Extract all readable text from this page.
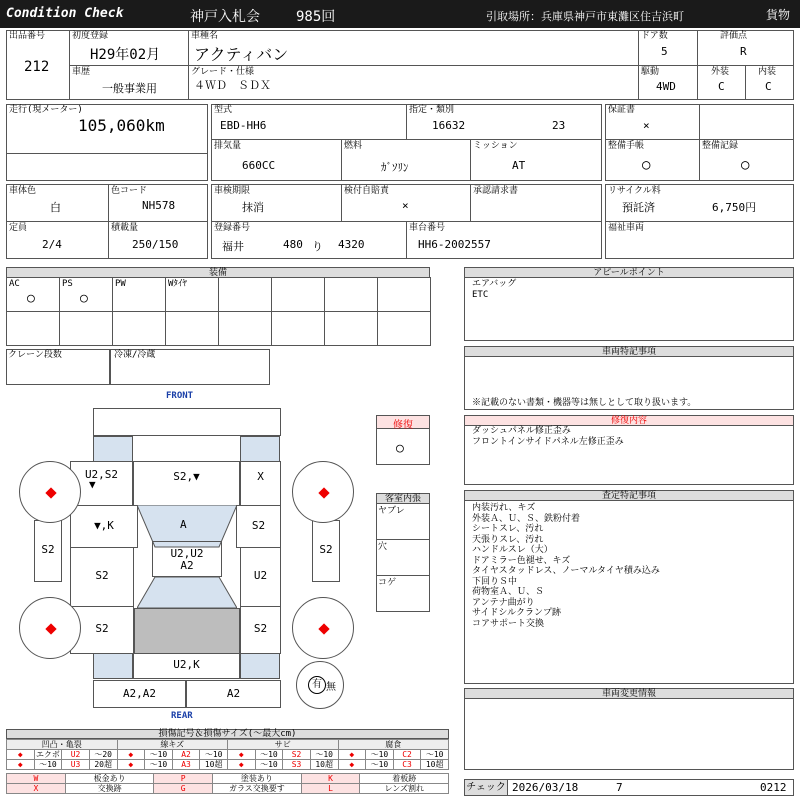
Condition Check	神戸入札会	985回	引取場所：兵庫県神戸市東灘区住吉浜町	貨物
出品番号
212
初度登録
H29年02月
車種名
アクティバン
ドア数
5
評価点
R
車歴
一般事業用
グレード・仕様
４ＷＤ　ＳＤＸ
駆動
4WD
外装
C
内装
C
走行(現メーター)
105,060km
型式
EBD-HH6
指定・類別
16632	23
保証書
×
排気量
660CC
燃料
ｶﾞｿﾘﾝ
ミッション
AT
整備手帳
○
整備記録
○
車体色
白
色コード
NH578
車検期限
抹消
検付自賠責
×
承認請求書	リサイクル料
預託済	6,750円
定員
2/4
積載量
250/150
登録番号
福井	480 り 4320
車台番号
HH6-2002557
福祉車両
装備
AC
○
PS
○
PW	Wﾀｲﾔ
クレーン段数	冷凍/冷蔵
アピールポイント
エアバッグ
ETC
車両特記事項
※記載のない書類・機器等は無しとして取り扱います。
修復
○
修復内容
ダッシュパネル修正歪み
フロントインサイドパネル左修正歪み
客室内張
ヤブレ
穴
コゲ
査定特記事項
内装汚れ、キズ
外装Ａ、Ｕ、Ｓ、鉄粉付着
シートスレ、汚れ
天張りスレ、汚れ
ハンドルスレ（大）
ドアミラー色褪せ、キズ
タイヤスタッドレス、ノーマルタイヤ積み込み
下回りＳ中
荷物室Ａ、Ｕ、Ｓ
アンテナ曲がり
サイドシルクランプ跡
コアサポート交換
車両変更情報
FRONT
REAR
U2,S2
▼
S2,▼	X
▼,K	A	S2
S2	S2
S2
U2,U2
A2
U2
S2	S2
U2,K
A2,A2	A2
有 無
損傷記号＆損傷サイズ(〜最大cm)
凹凸・亀裂				線キズ				サビ				腐食			
◆	エクボ	U2	〜20	◆	〜10	A2	〜10	◆	〜10	S2	〜10	◆	〜10	C2	〜10
◆	〜10	U3	20超	◆	〜10	A3	10超	◆	〜10	S3	10超	◆	〜10	C3	10超
W	板金あり	P	塗装あり	K	着板跡
X	交換跡	G	ガラス交換要す	L	レンズ割れ	チェック 2026/03/18	7	0212
